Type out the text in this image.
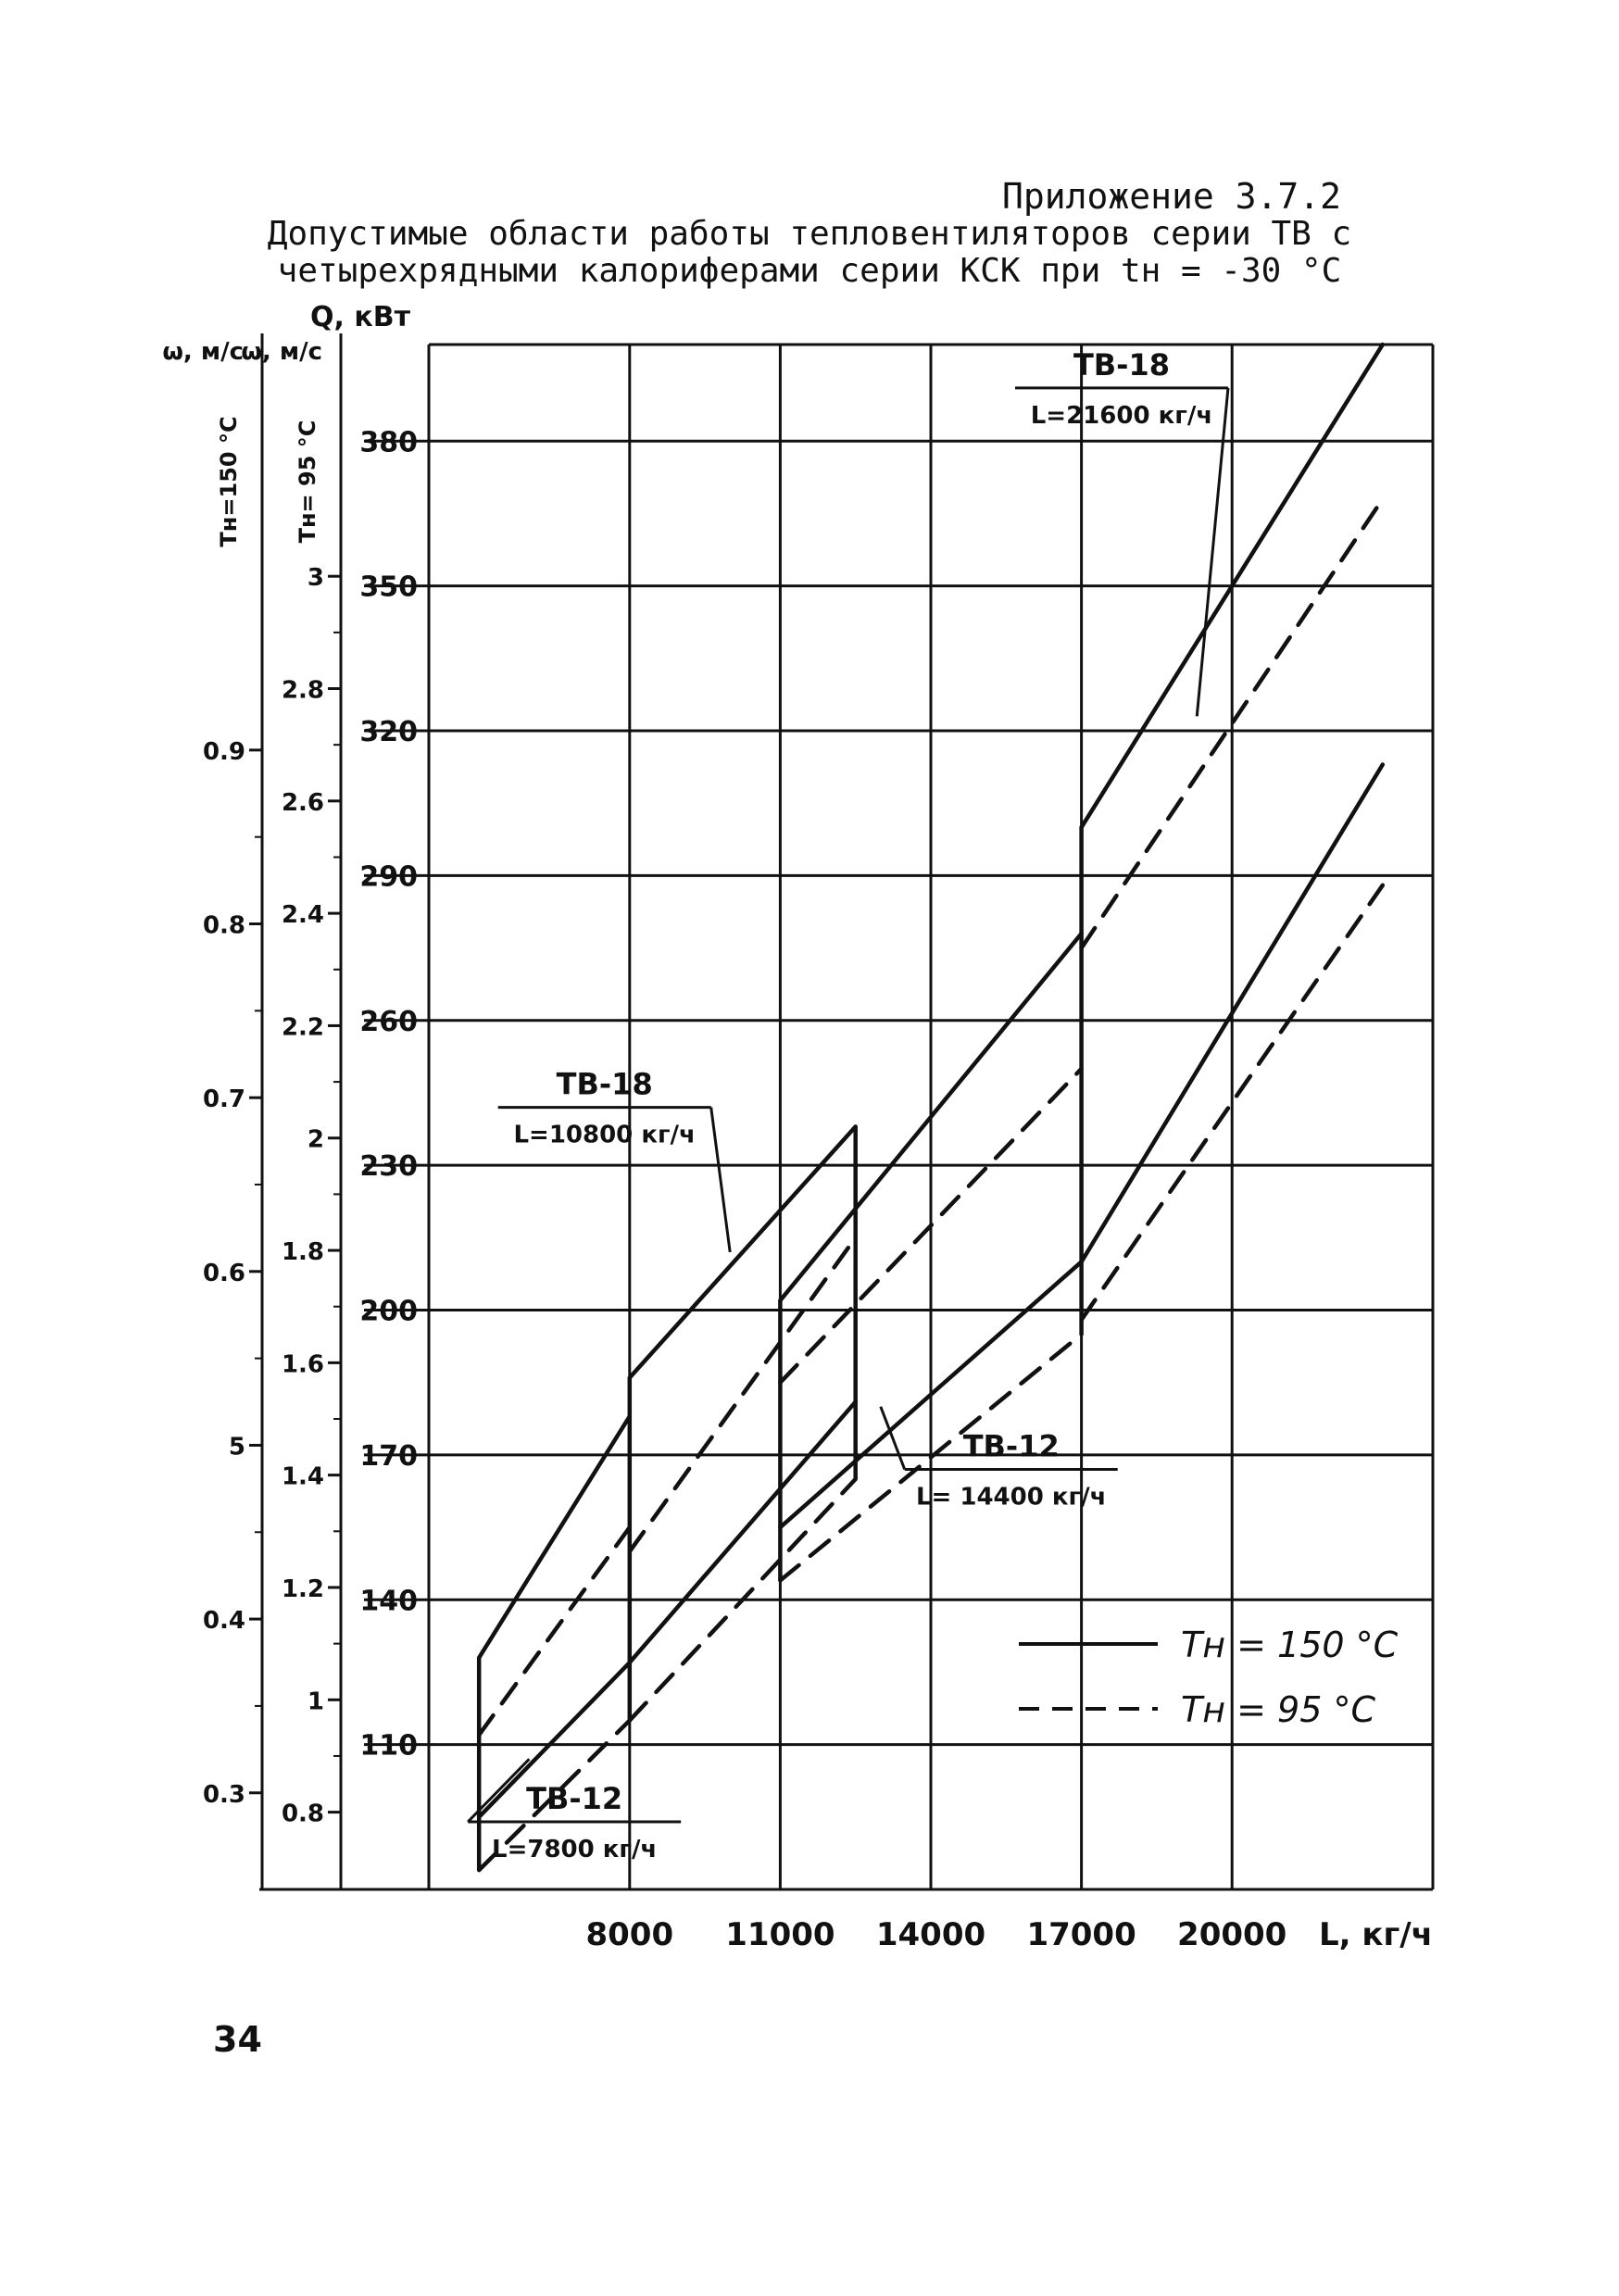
Приложение 3.7.2
Допустимые области работы тепловентиляторов серии ТВ с
четырехрядными калориферами серии КСК при tн = -30 °С
110
140
170
200
230
260
290
320
350
380
8000 11000 14000 17000 20000
Q, кВт
L, кг/ч
0.8
1
1.2
1.4
1.6
1.8
2
2.2
2.4
2.6
2.8
3
ω, м/с
Tн= 95 °C
0.3
0.4
5
0.6
0.7
0.8
0.9
ω, м/с
Tн=150 °C
ТВ-18
L=21600 кг/ч
ТВ-18
L=10800 кг/ч
ТВ-12
L= 14400 кг/ч
ТВ-12
L=7800 кг/ч
Tн = 150 °C
Tн = 95 °C
34
